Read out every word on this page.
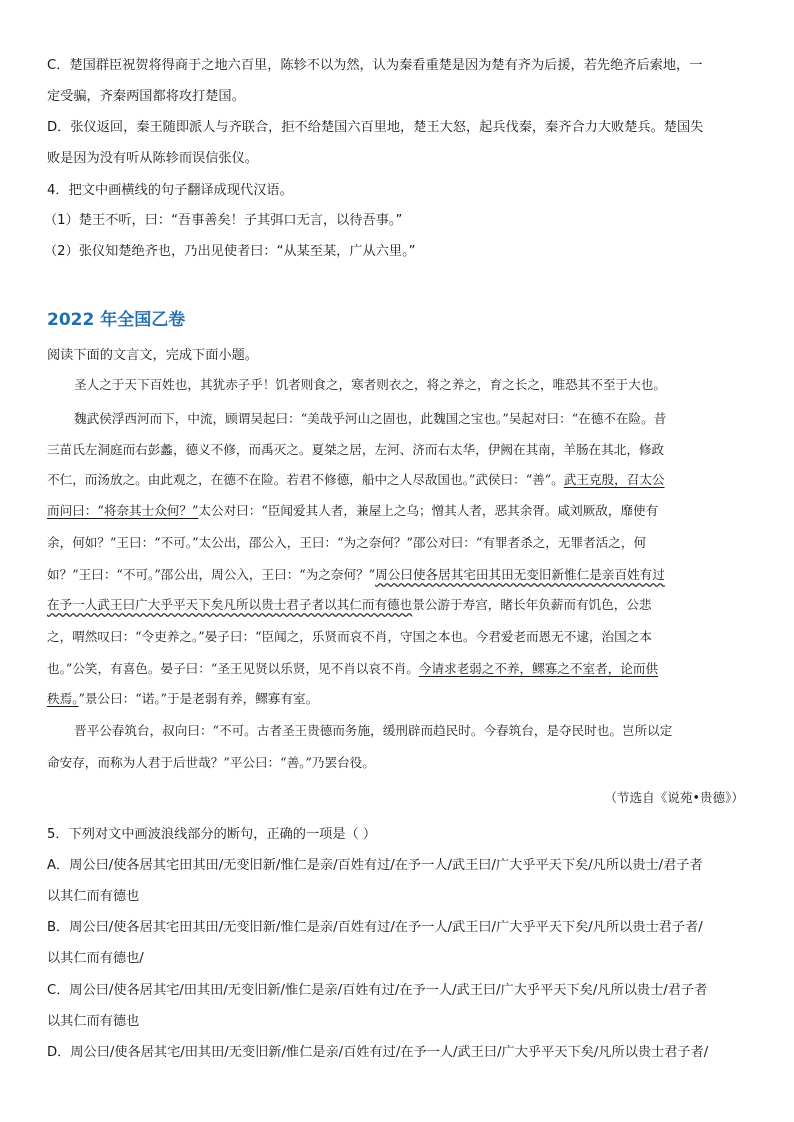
C．楚国群臣祝贺将得商于之地六百里，陈轸不以为然，认为秦看重楚是因为楚有齐为后援，若先绝齐后索地，一
定受骗，齐秦两国都将攻打楚国。
D．张仪返回，秦王随即派人与齐联合，拒不给楚国六百里地，楚王大怒，起兵伐秦，秦齐合力大败楚兵。楚国失
败是因为没有听从陈轸而误信张仪。
4．把文中画横线的句子翻译成现代汉语。
（1）楚王不听，曰：“吾事善矣！子其弭口无言，以待吾事。”
（2）张仪知楚绝齐也，乃出见使者曰：“从某至某，广从六里。”
2022 年全国乙卷
阅读下面的文言文，完成下面小题。
圣人之于天下百姓也，其犹赤子乎！饥者则食之，寒者则衣之，将之养之，育之长之，唯恐其不至于大也。
魏武侯浮西河而下，中流，顾谓吴起曰：“美哉乎河山之固也，此魏国之宝也。”吴起对曰：“在德不在险。昔
三苗氏左洞庭而右彭蠡，德义不修，而禹灭之。夏桀之居，左河、济而右太华，伊阙在其南，羊肠在其北，修政
不仁，而汤放之。由此观之，在德不在险。若君不修德，船中之人尽敌国也。”武侯曰：“善”。武王克殷，召太公
而问曰：“将奈其士众何？”太公对曰：“臣闻爱其人者，兼屋上之乌；憎其人者，恶其余胥。咸刘厥敌，靡使有
余，何如？”王曰：“不可。”太公出，邵公入，王曰：“为之奈何？”邵公对曰：“有罪者杀之，无罪者活之，何
如？”王曰：“不可。”邵公出，周公入，王曰：“为之奈何？”周公曰使各居其宅田其田无变旧新惟仁是亲百姓有过
在予一人武王曰广大乎平天下矣凡所以贵士君子者以其仁而有德也景公游于寿宫，睹长年负薪而有饥色，公悲
之，喟然叹曰：“令吏养之。”晏子曰：“臣闻之，乐贤而哀不肖，守国之本也。今君爱老而恩无不逮，治国之本
也。”公笑，有喜色。晏子曰：“圣王见贤以乐贤，见不肖以哀不肖。今请求老弱之不养，鳏寡之不室者，论而供
秩焉。”景公曰：“诺。”于是老弱有养，鳏寡有室。
晋平公春筑台，叔向曰：“不可。古者圣王贵德而务施，缓刑辟而趋民时。今春筑台，是夺民时也。岂所以定
命安存，而称为人君于后世哉？”平公曰：“善。”乃罢台役。
（节选自《说苑•贵德》）
5．下列对文中画波浪线部分的断句，正确的一项是（ ）
A．周公曰/使各居其宅田其田/无变旧新/惟仁是亲/百姓有过/在予一人/武王曰/广大乎平天下矣/凡所以贵士/君子者
以其仁而有德也
B．周公曰/使各居其宅田其田/无变旧新/惟仁是亲/百姓有过/在予一人/武王曰/广大乎平天下矣/凡所以贵士君子者/
以其仁而有德也/
C．周公曰/使各居其宅/田其田/无变旧新/惟仁是亲/百姓有过/在予一人/武王曰/广大乎平天下矣/凡所以贵士/君子者
以其仁而有德也
D．周公曰/使各居其宅/田其田/无变旧新/惟仁是亲/百姓有过/在予一人/武王曰/广大乎平天下矣/凡所以贵士君子者/
